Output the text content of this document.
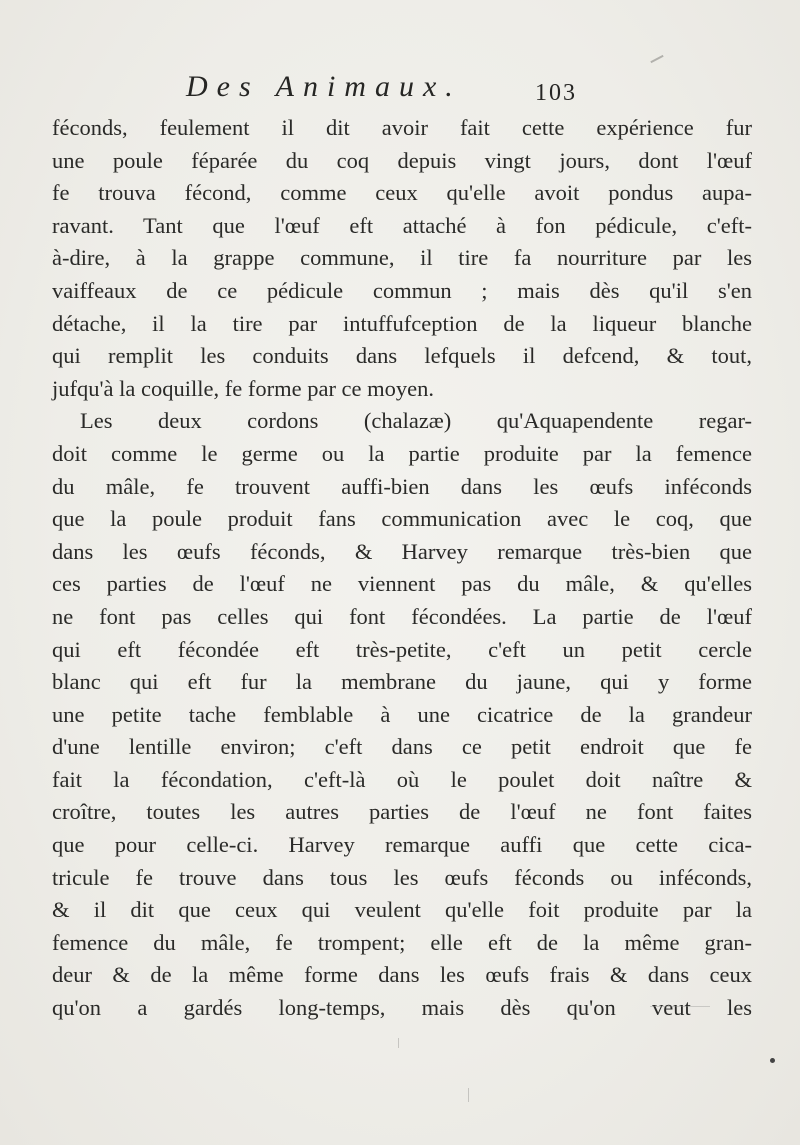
Des Animaux.	103
féconds, feulement il dit avoir fait cette expérience fur
une poule féparée du coq depuis vingt jours, dont l'œuf
fe trouva fécond, comme ceux qu'elle avoit pondus aupa-
ravant. Tant que l'œuf eft attaché à fon pédicule, c'eft-
à-dire, à la grappe commune, il tire fa nourriture par les
vaiffeaux de ce pédicule commun ; mais dès qu'il s'en
détache, il la tire par intuffufception de la liqueur blanche
qui remplit les conduits dans lefquels il defcend, & tout,
jufqu'à la coquille, fe forme par ce moyen.
Les deux cordons (chalazæ) qu'Aquapendente regar-
doit comme le germe ou la partie produite par la femence
du mâle, fe trouvent auffi-bien dans les œufs inféconds
que la poule produit fans communication avec le coq, que
dans les œufs féconds, & Harvey remarque très-bien que
ces parties de l'œuf ne viennent pas du mâle, & qu'elles
ne font pas celles qui font fécondées. La partie de l'œuf
qui eft fécondée eft très-petite, c'eft un petit cercle
blanc qui eft fur la membrane du jaune, qui y forme
une petite tache femblable à une cicatrice de la grandeur
d'une lentille environ; c'eft dans ce petit endroit que fe
fait la fécondation, c'eft-là où le poulet doit naître &
croître, toutes les autres parties de l'œuf ne font faites
que pour celle-ci. Harvey remarque auffi que cette cica-
tricule fe trouve dans tous les œufs féconds ou inféconds,
& il dit que ceux qui veulent qu'elle foit produite par la
femence du mâle, fe trompent; elle eft de la même gran-
deur & de la même forme dans les œufs frais & dans ceux
qu'on a gardés long-temps, mais dès qu'on veut les
